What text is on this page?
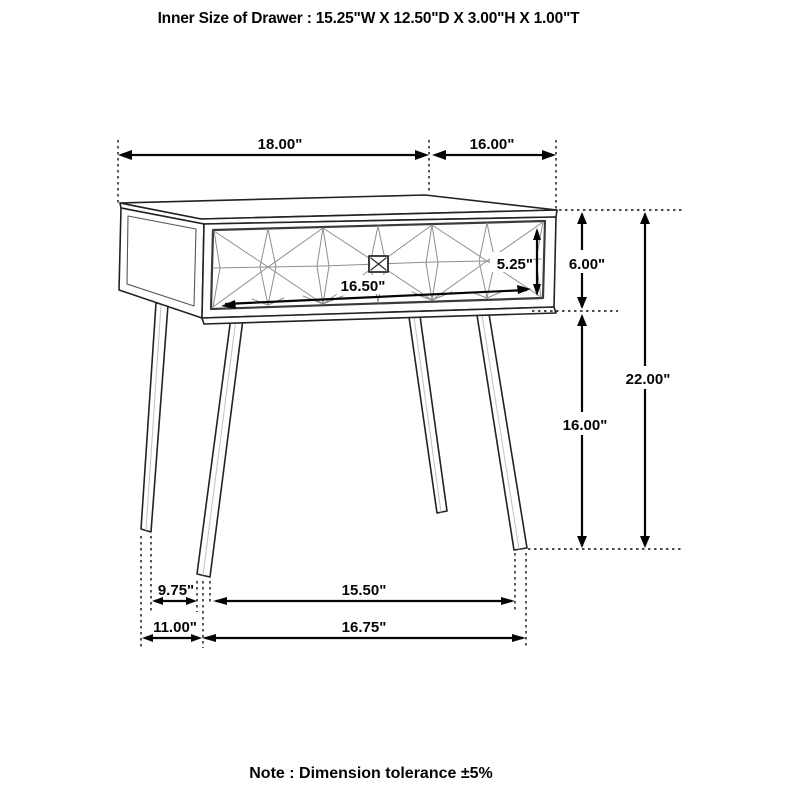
Inner Size of Drawer : 15.25"W X 12.50"D X 3.00"H X 1.00"T
18.00"	16.00"
6.00"
22.00"
16.00"
5.25"
16.50"
9.75"	15.50"
11.00"	16.75"
Note : Dimension tolerance ±5%
